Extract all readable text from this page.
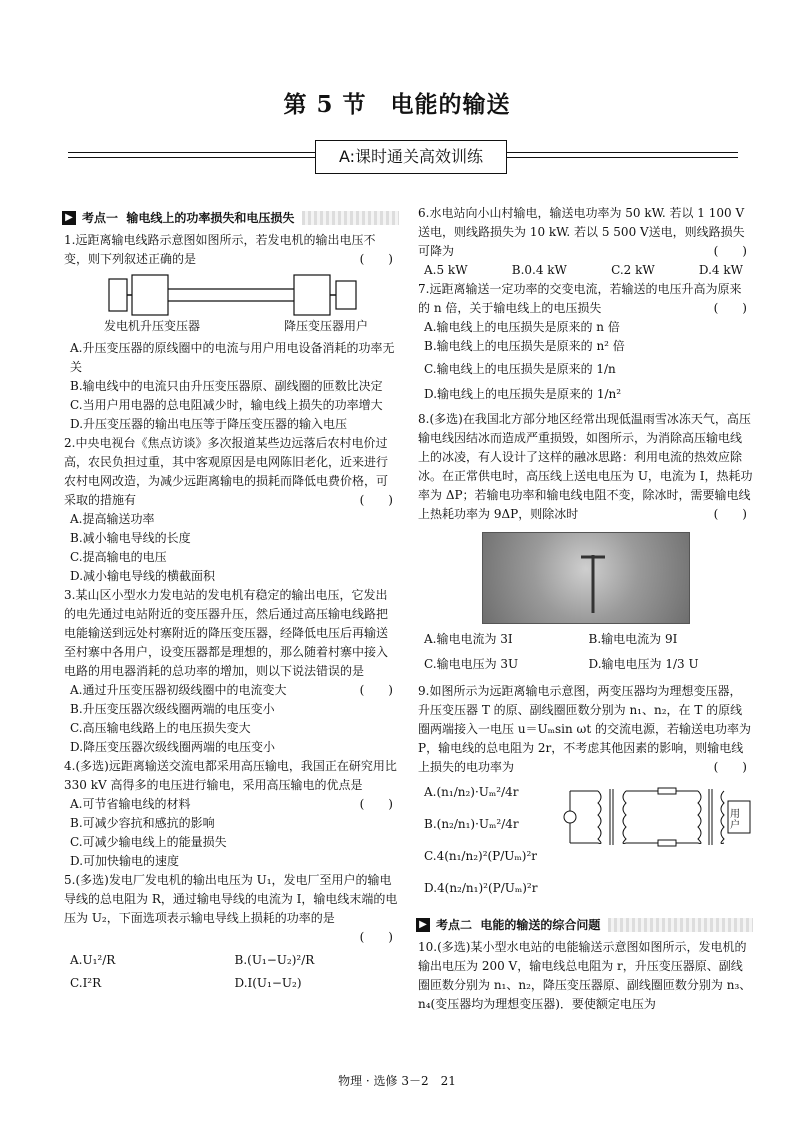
第 5 节　电能的输送
A:课时通关高效训练
▶ 考点一
输电线上的功率损失和电压损失

1.远距离输电线路示意图如图所示，若发电机的输出电压不变，则下列叙述正确的是	(　　)

发电机升压变压器	降压变压器用户
A.升压变压器的原线圈中的电流与用户用电设备消耗的功率无关
B.输电线中的电流只由升压变压器原、副线圈的匝数比决定
C.当用户用电器的总电阻减少时，输电线上损失的功率增大
D.升压变压器的输出电压等于降压变压器的输入电压

2.中央电视台《焦点访谈》多次报道某些边远落后农村电价过高，农民负担过重，其中客观原因是电网陈旧老化，近来进行农村电网改造，为减少远距离输电的损耗而降低电费价格，可采取的措施有	(　　)

A.提高输送功率
B.减小输电导线的长度
C.提高输电的电压
D.减小输电导线的横截面积

3.某山区小型水力发电站的发电机有稳定的输出电压，它发出的电先通过电站附近的变压器升压，然后通过高压输电线路把电能输送到远处村寨附近的降压变压器，经降低电压后再输送至村寨中各用户，设变压器都是理想的，那么随着村寨中接入电路的用电器消耗的总功率的增加，则以下说法错误的是
(　　)

A.通过升压变压器初级线圈中的电流变大
B.升压变压器次级线圈两端的电压变小
C.高压输电线路上的电压损失变大
D.降压变压器次级线圈两端的电压变小

4.(多选)远距离输送交流电都采用高压输电，我国正在研究用比 330 kV 高得多的电压进行输电，采用高压输电的优点是
(　　)

A.可节省输电线的材料
B.可减少容抗和感抗的影响
C.可减少输电线上的能量损失
D.可加快输电的速度

5.(多选)发电厂发电机的输出电压为 U₁，发电厂至用户的输电导线的总电阻为 R，通过输电导线的电流为 I，输电线末端的电压为 U₂，下面选项表示输电导线上损耗的功率的是

(　　)
A.U₁²/R	B.(U₁−U₂)²/R
C.I²R	D.I(U₁−U₂)

6.水电站向小山村输电，输送电功率为 50 kW. 若以 1 100 V 送电，则线路损失为 10 kW. 若以 5 500 V送电，则线路损失可降为	(　　)

A.5 kW	B.0.4 kW	C.2 kW	D.4 kW

7.远距离输送一定功率的交变电流，若输送的电压升高为原来的 n 倍，关于输电线上的电压损失	(　　)

A.输电线上的电压损失是原来的 n 倍
B.输电线上的电压损失是原来的 n² 倍
C.输电线上的电压损失是原来的 1/n
D.输电线上的电压损失是原来的 1/n²

8.(多选)在我国北方部分地区经常出现低温雨雪冰冻天气，高压输电线因结冰而造成严重损毁，如图所示，为消除高压输电线上的冰凌，有人设计了这样的融冰思路：利用电流的热效应除冰。在正常供电时，高压线上送电电压为 U，电流为 I，热耗功率为 ΔP；若输电功率和输电线电阻不变，除冰时，需要输电线上热耗功率为 9ΔP，则除冰时	(　　)

A.输电电流为 3I	B.输电电流为 9I
C.输电电压为 3U	D.输电电压为 1/3 U

9.如图所示为远距离输电示意图，两变压器均为理想变压器，升压变压器 T 的原、副线圈匝数分别为 n₁、n₂，在 T 的原线圈两端接入一电压 u＝Uₘsin ωt 的交流电源，若输送电功率为 P，输电线的总电阻为 2r，不考虑其他因素的影响，则输电线上损失的电功率为	(　　)

A.(n₁/n₂)·Uₘ²/4r
B.(n₂/n₁)·Uₘ²/4r
C.4(n₁/n₂)²(P/Uₘ)²r
D.4(n₂/n₁)²(P/Uₘ)²r
用户
▶ 考点二
电能的输送的综合问题

10.(多选)某小型水电站的电能输送示意图如图所示，发电机的输出电压为 200 V，输电线总电阻为 r，升压变压器原、副线圈匝数分别为 n₁、n₂，降压变压器原、副线圈匝数分别为 n₃、n₄(变压器均为理想变压器)．要使额定电压为

物理 · 选修 3－2　21
